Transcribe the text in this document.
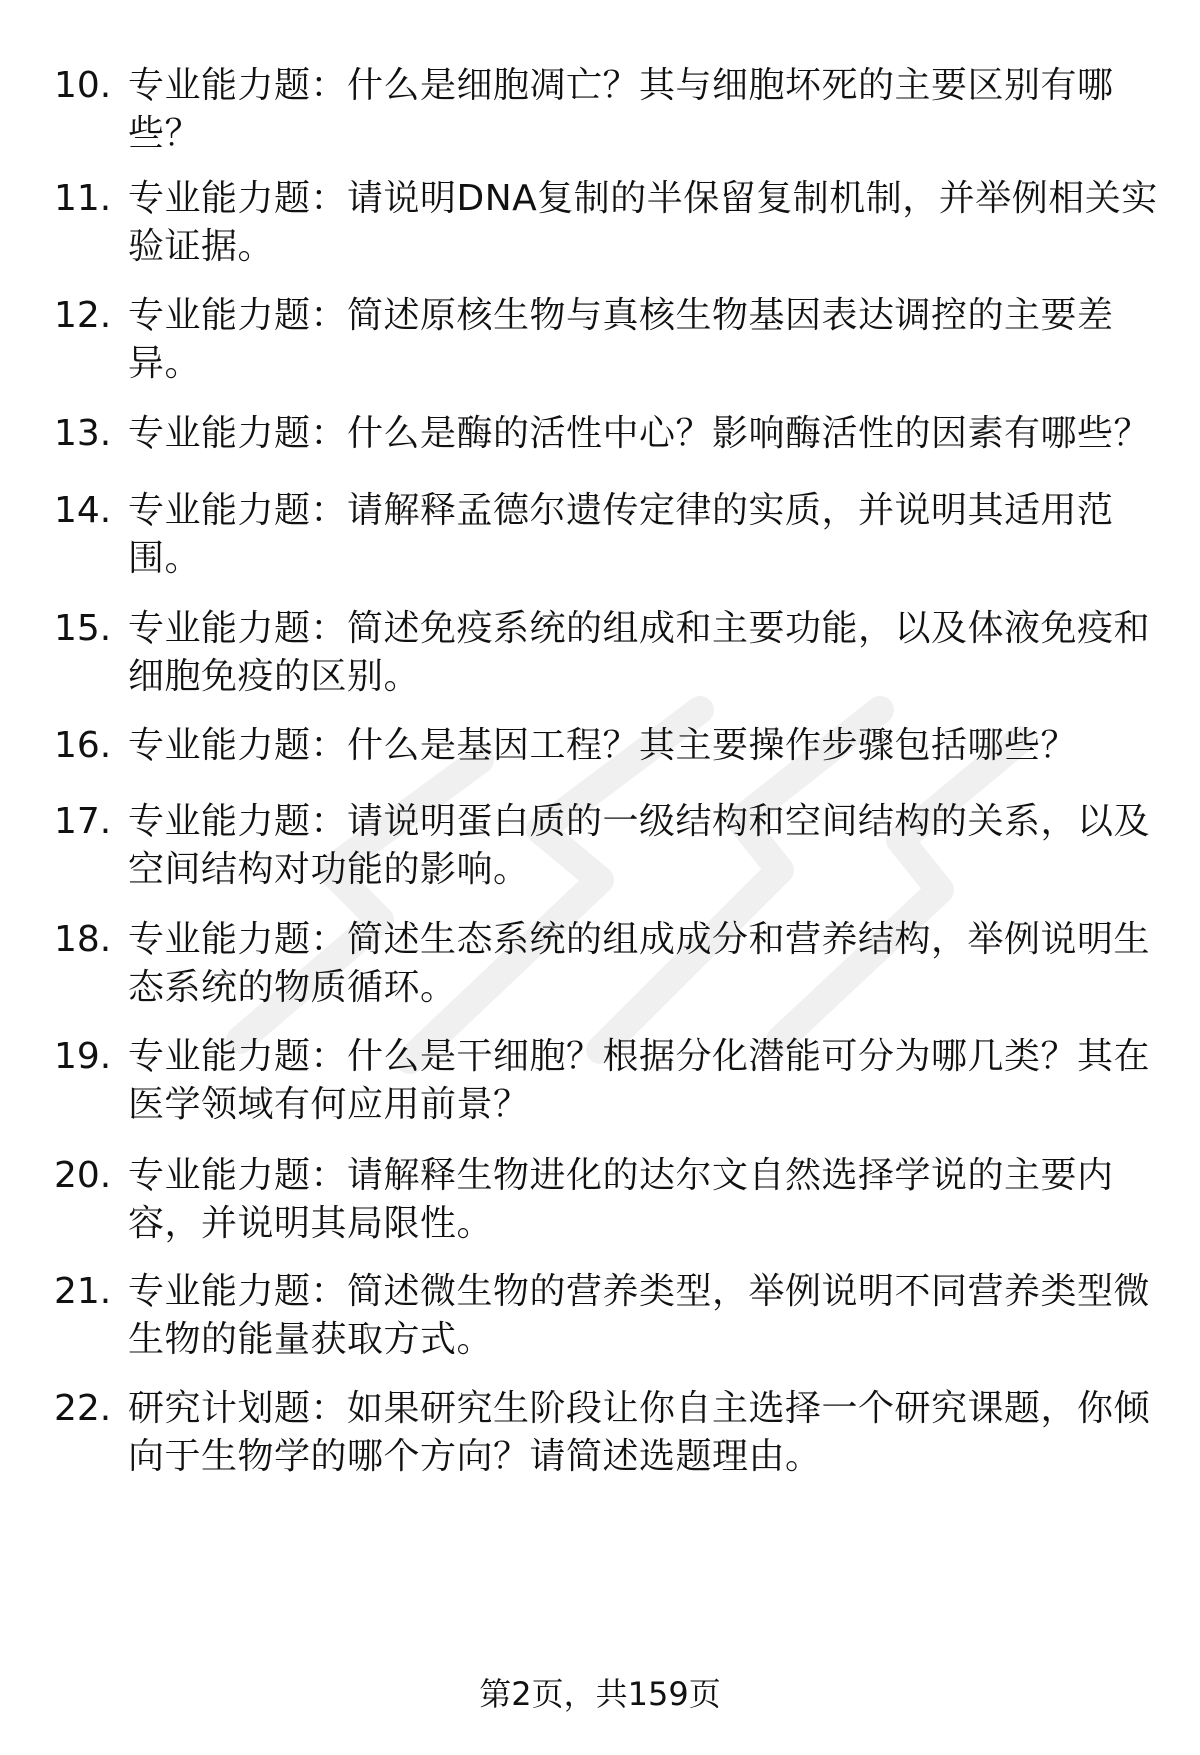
10. 专业能力题：什么是细胞凋亡？其与细胞坏死的主要区别有哪些？
11. 专业能力题：请说明DNA复制的半保留复制机制，并举例相关实验证据。
12. 专业能力题：简述原核生物与真核生物基因表达调控的主要差异。
13. 专业能力题：什么是酶的活性中心？影响酶活性的因素有哪些？
14. 专业能力题：请解释孟德尔遗传定律的实质，并说明其适用范围。
15. 专业能力题：简述免疫系统的组成和主要功能，以及体液免疫和细胞免疫的区别。
16. 专业能力题：什么是基因工程？其主要操作步骤包括哪些？
17. 专业能力题：请说明蛋白质的一级结构和空间结构的关系，以及空间结构对功能的影响。
18. 专业能力题：简述生态系统的组成成分和营养结构，举例说明生态系统的物质循环。
19. 专业能力题：什么是干细胞？根据分化潜能可分为哪几类？其在医学领域有何应用前景？
20. 专业能力题：请解释生物进化的达尔文自然选择学说的主要内容，并说明其局限性。
21. 专业能力题：简述微生物的营养类型，举例说明不同营养类型微生物的能量获取方式。
22. 研究计划题：如果研究生阶段让你自主选择一个研究课题，你倾向于生物学的哪个方向？请简述选题理由。
第2页，共159页
